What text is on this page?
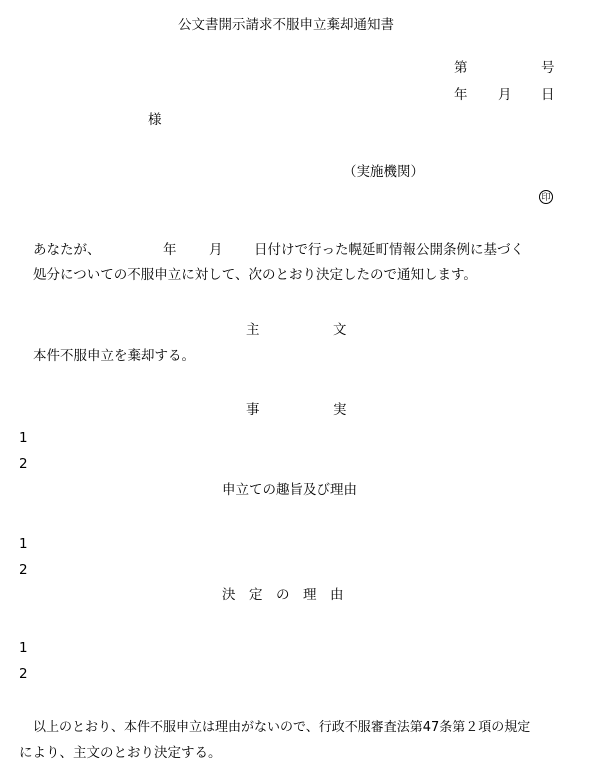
公文書開示請求不服申立棄却通知書
第	号
年 月 日
様
（実施機関）
印
あなたが、	年 月 日付けで行った幌延町情報公開条例に基づく
処分についての不服申立に対して、次のとおり決定したので通知します。
主	文
本件不服申立を棄却する。
事	実
1
2
申立ての趣旨及び理由
1
2
決　定　の　理　由
1
2
以上のとおり、本件不服申立は理由がないので、行政不服審査法第47条第２項の規定
により、主文のとおり決定する。
